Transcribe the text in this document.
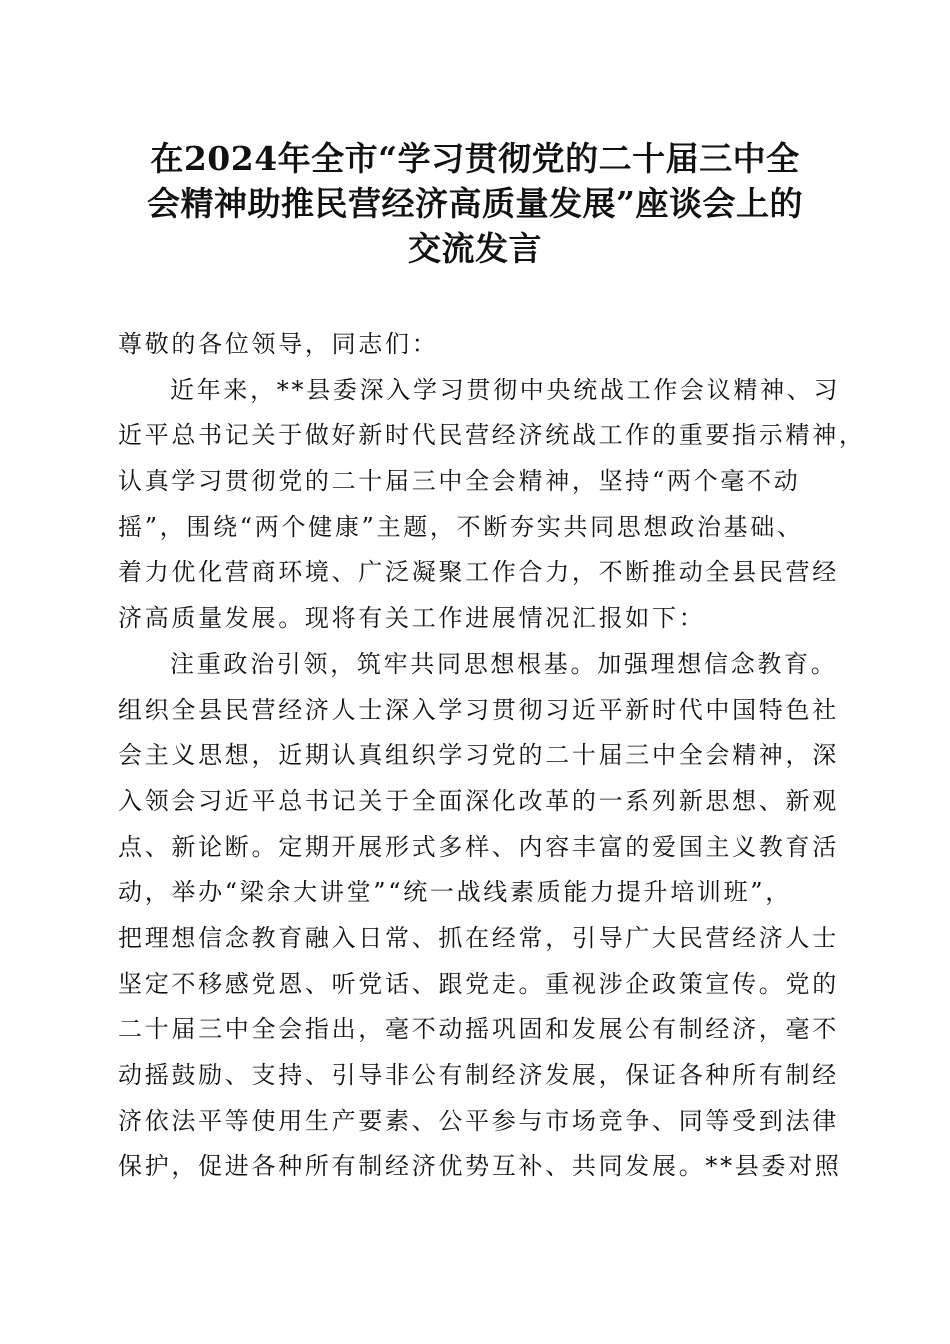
在2024年全市“学习贯彻党的二十届三中全
会精神助推民营经济高质量发展”座谈会上的
交流发言
尊敬的各位领导，同志们：
近年来，**县委深入学习贯彻中央统战工作会议精神、习
近平总书记关于做好新时代民营经济统战工作的重要指示精神，
认真学习贯彻党的二十届三中全会精神，坚持“两个毫不动
摇”，围绕“两个健康”主题，不断夯实共同思想政治基础、
着力优化营商环境、广泛凝聚工作合力，不断推动全县民营经
济高质量发展。现将有关工作进展情况汇报如下：
注重政治引领，筑牢共同思想根基。加强理想信念教育。
组织全县民营经济人士深入学习贯彻习近平新时代中国特色社
会主义思想，近期认真组织学习党的二十届三中全会精神，深
入领会习近平总书记关于全面深化改革的一系列新思想、新观
点、新论断。定期开展形式多样、内容丰富的爱国主义教育活
动，举办“梁余大讲堂”“统一战线素质能力提升培训班”，
把理想信念教育融入日常、抓在经常，引导广大民营经济人士
坚定不移感党恩、听党话、跟党走。重视涉企政策宣传。党的
二十届三中全会指出，毫不动摇巩固和发展公有制经济，毫不
动摇鼓励、支持、引导非公有制经济发展，保证各种所有制经
济依法平等使用生产要素、公平参与市场竞争、同等受到法律
保护，促进各种所有制经济优势互补、共同发展。**县委对照
